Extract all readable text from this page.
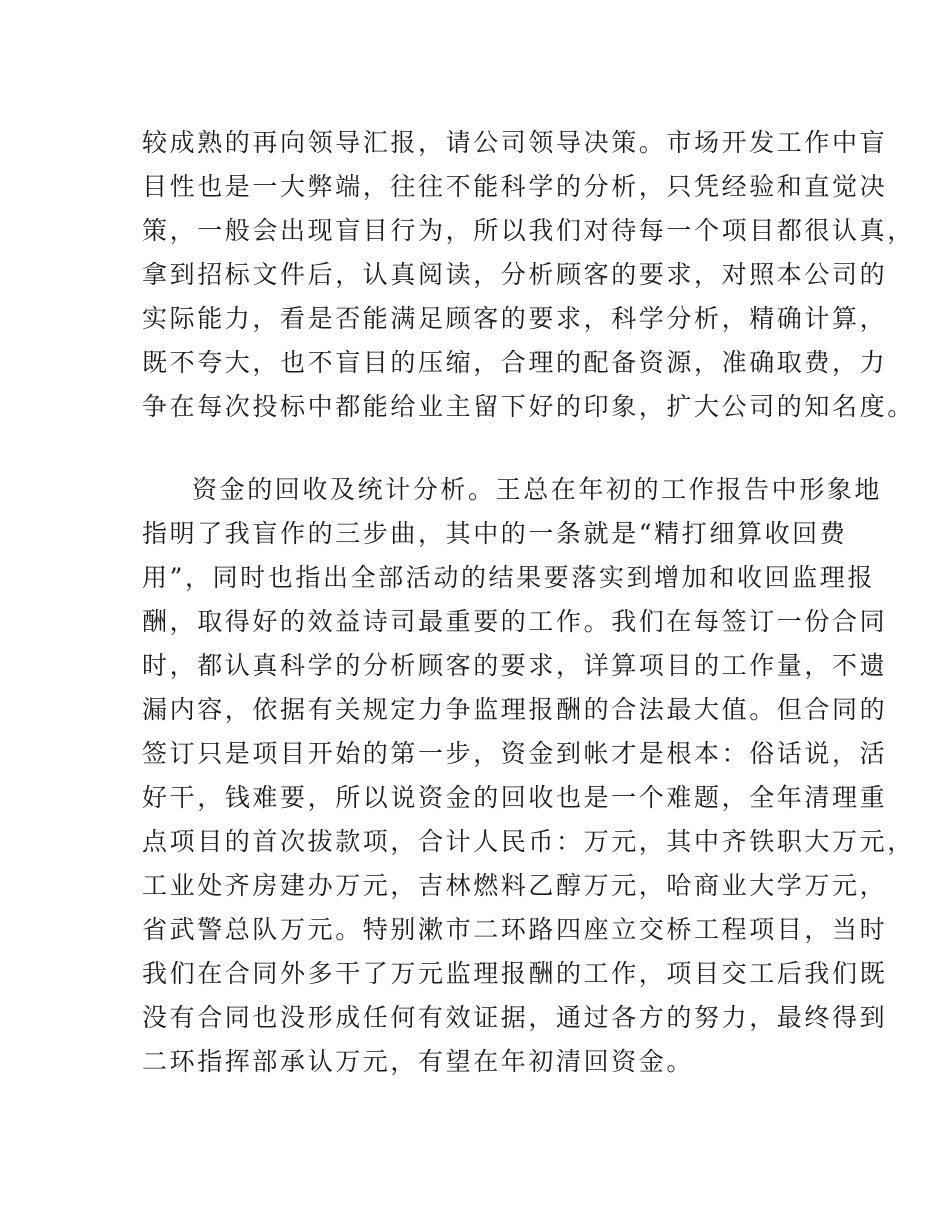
较成熟的再向领导汇报，请公司领导决策。市场开发工作中盲
目性也是一大弊端，往往不能科学的分析，只凭经验和直觉决
策，一般会出现盲目行为，所以我们对待每一个项目都很认真，
拿到招标文件后，认真阅读，分析顾客的要求，对照本公司的
实际能力，看是否能满足顾客的要求，科学分析，精确计算，
既不夸大，也不盲目的压缩，合理的配备资源，准确取费，力
争在每次投标中都能给业主留下好的印象，扩大公司的知名度。
资金的回收及统计分析。王总在年初的工作报告中形象地
指明了我盲作的三步曲，其中的一条就是“精打细算收回费
用”，同时也指出全部活动的结果要落实到增加和收回监理报
酬，取得好的效益诗司最重要的工作。我们在每签订一份合同
时，都认真科学的分析顾客的要求，详算项目的工作量，不遗
漏内容，依据有关规定力争监理报酬的合法最大值。但合同的
签订只是项目开始的第一步，资金到帐才是根本：俗话说，活
好干，钱难要，所以说资金的回收也是一个难题，全年清理重
点项目的首次拔款项，合计人民币：万元，其中齐铁职大万元，
工业处齐房建办万元，吉林燃料乙醇万元，哈商业大学万元，
省武警总队万元。特别漱市二环路四座立交桥工程项目，当时
我们在合同外多干了万元监理报酬的工作，项目交工后我们既
没有合同也没形成任何有效证据，通过各方的努力，最终得到
二环指挥部承认万元，有望在年初清回资金。
